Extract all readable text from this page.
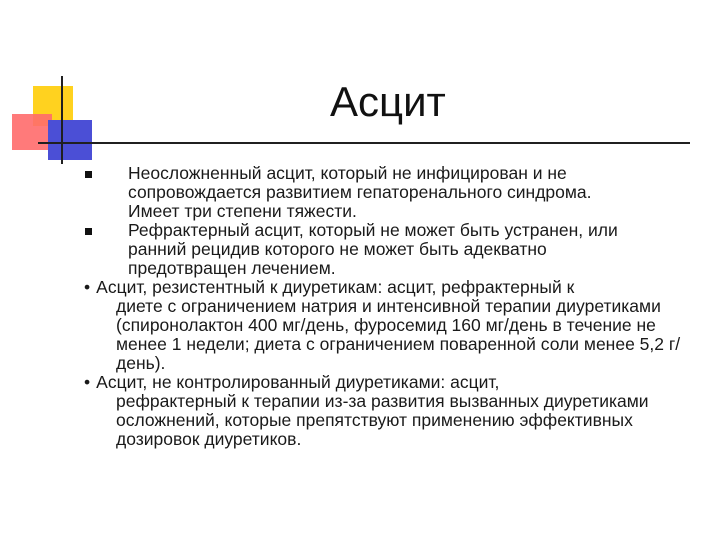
Асцит
Неосложненный асцит, который не инфицирован и не
сопровождается развитием гепаторенального синдрома.
Имеет три степени тяжести.
Рефрактерный асцит, который не может быть устранен, или
ранний рецидив которого не может быть адекватно
предотвращен лечением.
• Асцит, резистентный к диуретикам: асцит, рефрактерный к
диете с ограничением натрия и интенсивной терапии диуретиками (спиронолактон 400 мг/день, фуросемид 160 мг/день в течение не менее 1 недели; диета с ограничением поваренной соли менее 5,2 г/день).
• Асцит, не контролированный диуретиками: асцит,
рефрактерный к терапии из-за развития вызванных диуретиками осложнений, которые препятствуют применению эффективных дозировок диуретиков.
